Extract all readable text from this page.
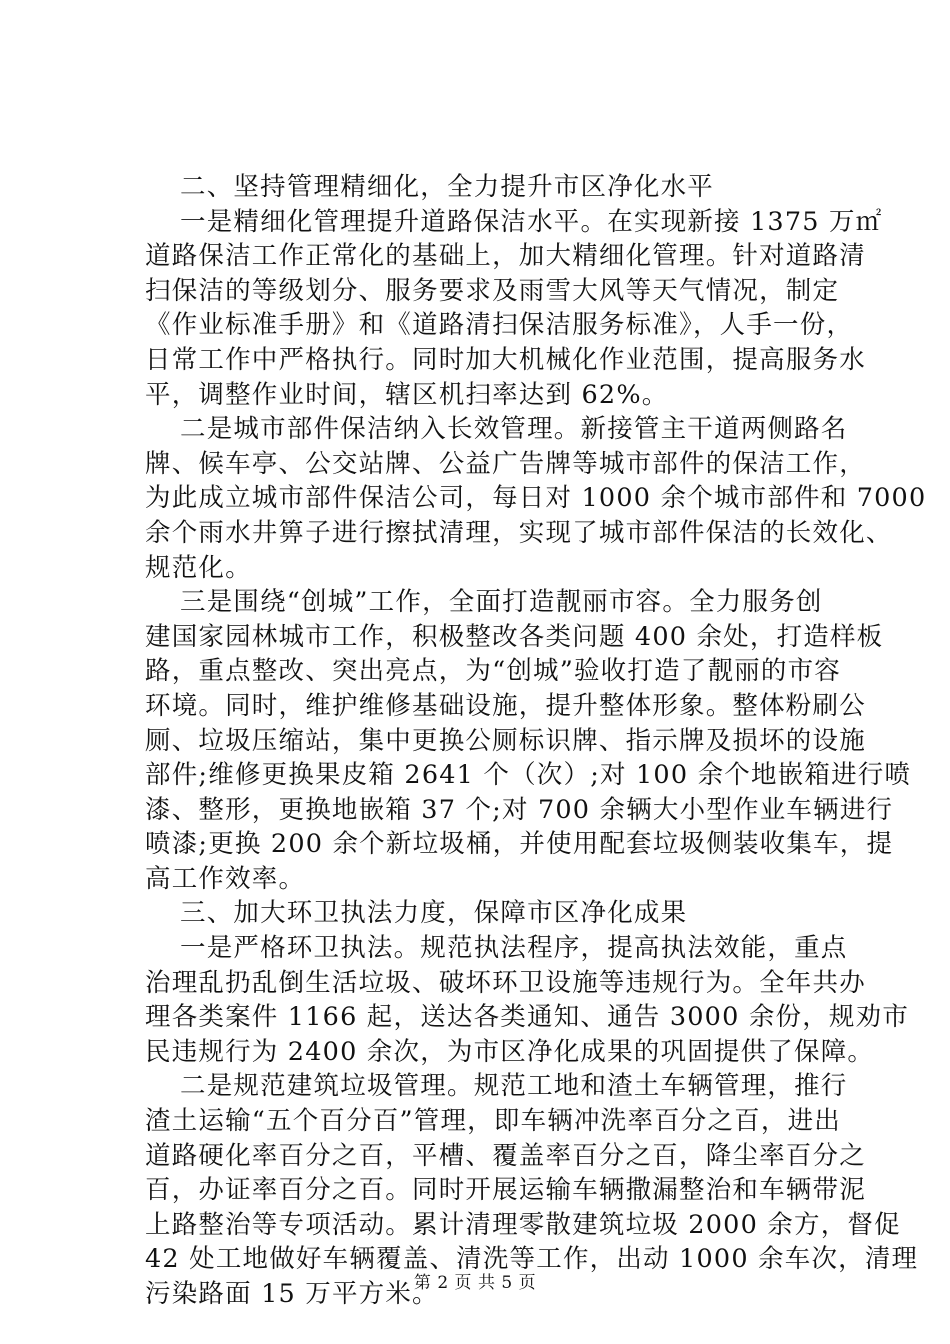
二、坚持管理精细化，全力提升市区净化水平
一是精细化管理提升道路保洁水平。在实现新接 1375 万㎡
道路保洁工作正常化的基础上，加大精细化管理。针对道路清
扫保洁的等级划分、服务要求及雨雪大风等天气情况，制定
《作业标准手册》和《道路清扫保洁服务标准》，人手一份，
日常工作中严格执行。同时加大机械化作业范围，提高服务水
平，调整作业时间，辖区机扫率达到 62%。
二是城市部件保洁纳入长效管理。新接管主干道两侧路名
牌、候车亭、公交站牌、公益广告牌等城市部件的保洁工作，
为此成立城市部件保洁公司，每日对 1000 余个城市部件和 7000
余个雨水井箅子进行擦拭清理，实现了城市部件保洁的长效化、
规范化。
三是围绕“创城”工作，全面打造靓丽市容。全力服务创
建国家园林城市工作，积极整改各类问题 400 余处，打造样板
路，重点整改、突出亮点，为“创城”验收打造了靓丽的市容
环境。同时，维护维修基础设施，提升整体形象。整体粉刷公
厕、垃圾压缩站，集中更换公厕标识牌、指示牌及损坏的设施
部件;维修更换果皮箱 2641 个（次）;对 100 余个地嵌箱进行喷
漆、整形，更换地嵌箱 37 个;对 700 余辆大小型作业车辆进行
喷漆;更换 200 余个新垃圾桶，并使用配套垃圾侧装收集车，提
高工作效率。
三、加大环卫执法力度，保障市区净化成果
一是严格环卫执法。规范执法程序，提高执法效能，重点
治理乱扔乱倒生活垃圾、破坏环卫设施等违规行为。全年共办
理各类案件 1166 起，送达各类通知、通告 3000 余份，规劝市
民违规行为 2400 余次，为市区净化成果的巩固提供了保障。
二是规范建筑垃圾管理。规范工地和渣土车辆管理，推行
渣土运输“五个百分百”管理，即车辆冲洗率百分之百，进出
道路硬化率百分之百，平槽、覆盖率百分之百，降尘率百分之
百，办证率百分之百。同时开展运输车辆撒漏整治和车辆带泥
上路整治等专项活动。累计清理零散建筑垃圾 2000 余方，督促
42 处工地做好车辆覆盖、清洗等工作，出动 1000 余车次，清理
污染路面 15 万平方米。
第 2 页 共 5 页
